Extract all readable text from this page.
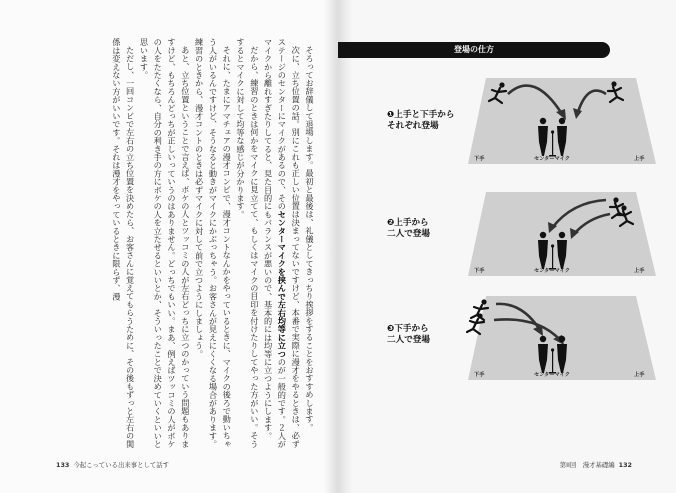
そろってお辞儀して退場します。最初と最後は、礼儀としてきっちり挨拶をすることをおすすめします。

次に、立ち位置の話。別にこれも正しい位置は決まってないですけど、本番で実際に漫才をやるときは、必ずステージのセンターにマイクがあるので、そのセンターマイクを挟んで左右均等に立つのが一般的です。２人がマイクから離れすぎたりしてると、見た目的にもバランスが悪いので、基本的には均等に立つようにします。

だから、練習のときは何かをマイクに見立てて、もしくはマイクの目印を付けたりしてやった方がいい。そうするとマイクに対して均等な感じが分かります。

それに、たまにアマチュアの漫才コンビで、漫才コントなんかをやっているときに、マイクの後ろで動いちゃう人がいるんですけど、そうなると動きがマイクにかぶっちゃう。お客さんが見えにくくなる場合があります。練習のときから、漫才コントのときは必ずマイクに対して前で立つようにしましょう。

あと、立ち位置ということで言えば、ボケの人とツッコミの人が左右どっちに立つのかっていう問題もありますけど、もちろんどっちが正しいっていうのはありません。どっちでもいい。まあ、例えばツッコミの人がボケの人をたたくなら、自分の利き手の方にボケの人を立たせるといいとか、そういったことで決めていくといいと思います。

ただし、一回コンビで左右の立ち位置を決めたら、お客さんに覚えてもらうために、その後もずっと左右の関係は変えない方がいいです。それは漫才をやっているときに限らず、漫

133 今起こっている出来事として話す
登場の仕方
下手	センターマイク	上手
❶上手と下手から
それぞれ登場
下手	センターマイク	上手
❷上手から
二人で登場
下手	センターマイク	上手
❸下手から
二人で登場
第II回　漫才基礎編 132
